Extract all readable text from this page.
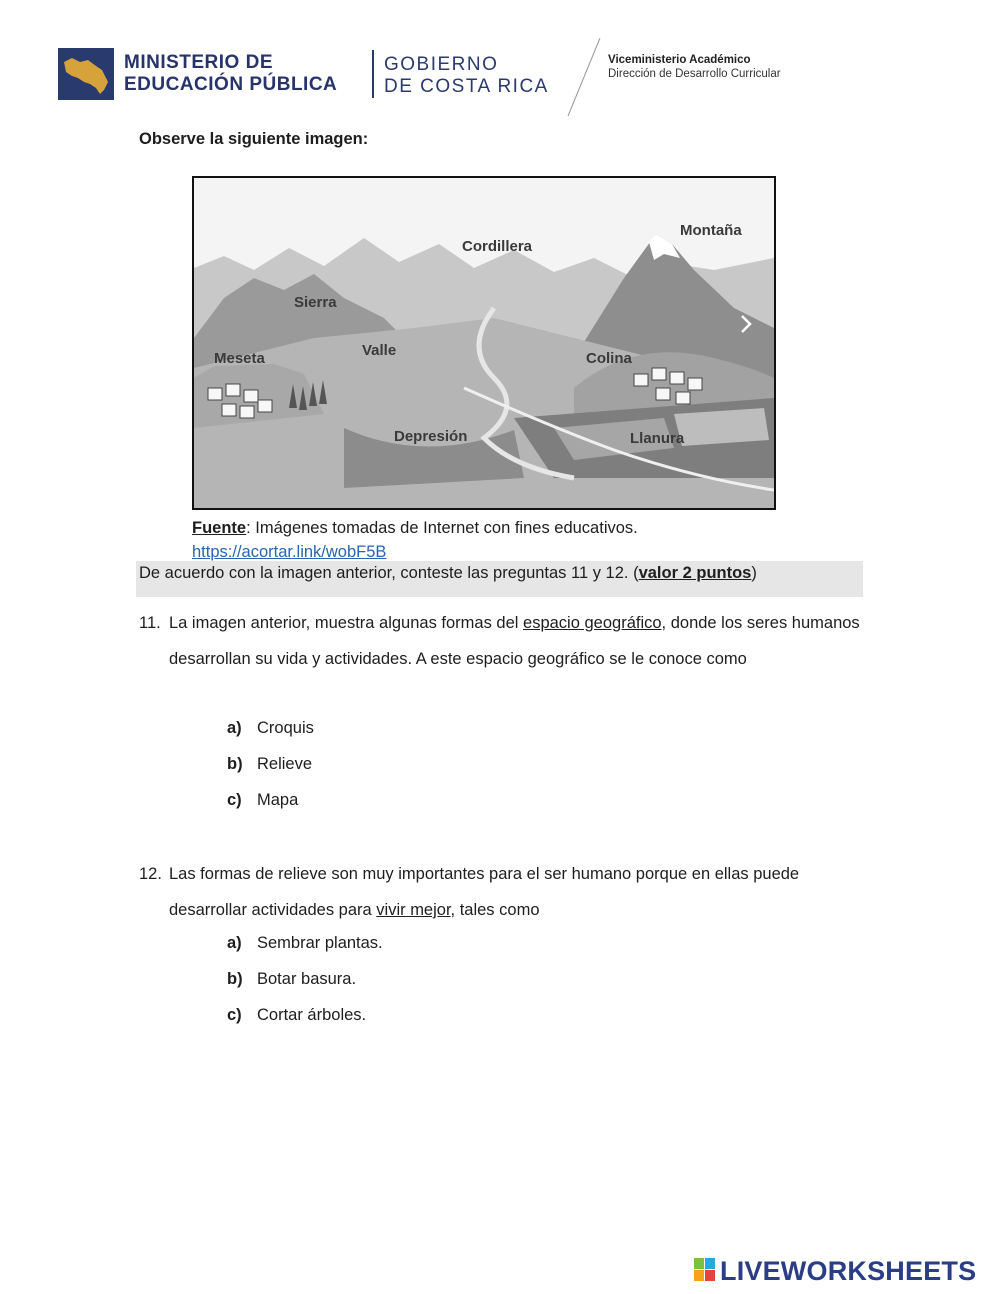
MINISTERIO DE
EDUCACIÓN PÚBLICA
GOBIERNO
DE COSTA RICA
Viceministerio Académico
Dirección de Desarrollo Curricular
Observe la siguiente imagen:
Cordillera
Montaña
Sierra
Meseta	Valle	Colina
Depresión	Llanura
Fuente: Imágenes tomadas de Internet con fines educativos.
https://acortar.link/wobF5B
De acuerdo con la imagen anterior, conteste las preguntas 11 y 12. (valor 2 puntos)
11. La imagen anterior, muestra algunas formas del espacio geográfico, donde los seres humanos desarrollan su vida y actividades. A este espacio geográfico se le conoce como
a) Croquis
b) Relieve
c) Mapa
12. Las formas de relieve son muy importantes para el ser humano porque en ellas puede desarrollar actividades para vivir mejor, tales como
a) Sembrar plantas.
b) Botar basura.
c) Cortar árboles.
LIVEWORKSHEETS
